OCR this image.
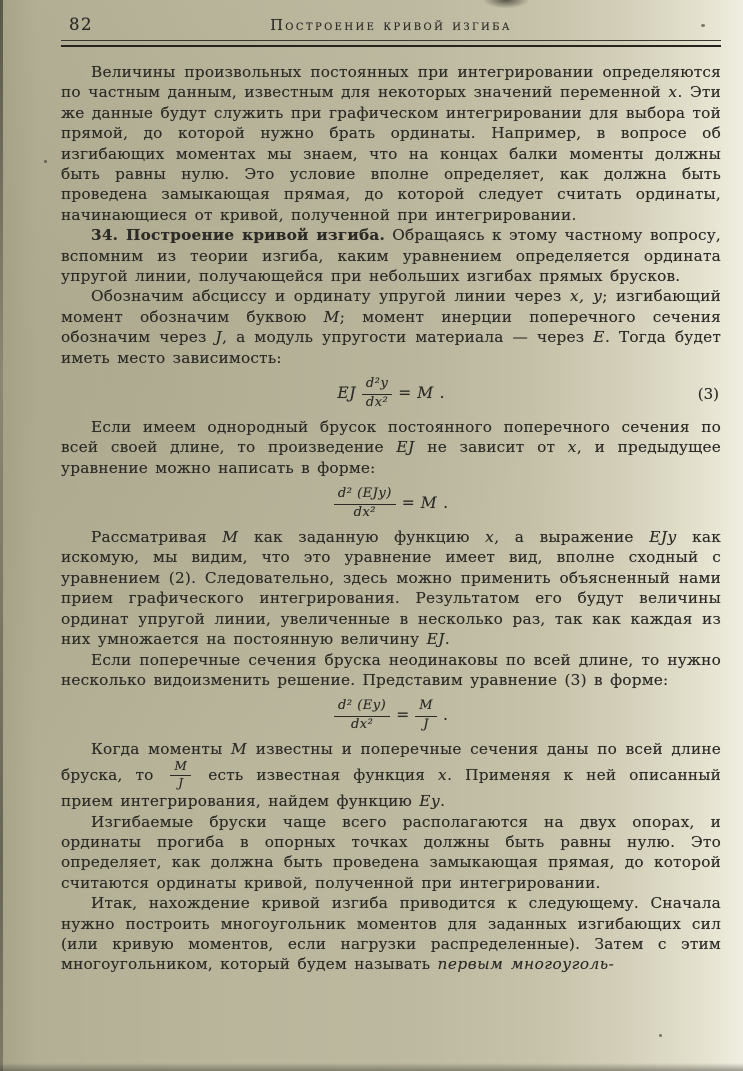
82	Построение кривой изгиба

Величины произвольных постоянных при интегрировании определяются по частным данным, известным для некоторых значений переменной x. Эти же данные будут служить при графическом интегрировании для выбора той прямой, до которой нужно брать ординаты. Например, в вопросе об изгибающих моментах мы знаем, что на концах балки моменты должны быть равны нулю. Это условие вполне определяет, как должна быть проведена замыкающая прямая, до которой следует считать ординаты, начинающиеся от кривой, полученной при интегрировании.

34. Построение кривой изгиба. Обращаясь к этому частному вопросу, вспомним из теории изгиба, каким уравнением определяется ордината упругой линии, получающейся при небольших изгибах прямых брусков.

Обозначим абсциссу и ординату упругой линии через x, y; изгибающий момент обозначим буквою M; момент инерции поперечного сечения обозначим через J, а модуль упругости материала — через E. Тогда будет иметь место зависимость:

EJ $\frac{\text{d²y}}{\text{dx²}} = M$ .	(3)

Если имеем однородный брусок постоянного поперечного сечения по всей своей длине, то произведение EJ не зависит от x, и предыдущее уравнение можно написать в форме:

$\frac{\text{d² (EJy)}}{\text{dx²}} = M$ .

Рассматривая M как заданную функцию x, а выражение EJy как искомую, мы видим, что это уравнение имеет вид, вполне сходный с уравнением (2). Следовательно, здесь можно применить объясненный нами прием графического интегрирования. Результатом его будут величины ординат упругой линии, увеличенные в несколько раз, так как каждая из них умножается на постоянную величину EJ.

Если поперечные сечения бруска неодинаковы по всей длине, то нужно несколько видоизменить решение. Представим уравнение (3) в форме:

$\frac{\text{d² (Ey)}}{\text{dx²}} = \frac{M}{J}$ .

Когда моменты M известны и поперечные сечения даны по всей длине бруска, то $\frac{M}{J}$ есть известная функция x. Применяя к ней описанный прием интегрирования, найдем функцию Ey.

Изгибаемые бруски чаще всего располагаются на двух опорах, и ординаты прогиба в опорных точках должны быть равны нулю. Это определяет, как должна быть проведена замыкающая прямая, до которой считаются ординаты кривой, полученной при интегрировании.

Итак, нахождение кривой изгиба приводится к следующему. Сначала нужно построить многоугольник моментов для заданных изгибающих сил (или кривую моментов, если нагрузки распределенные). Затем с этим многоугольником, который будем называть первым многоуголь-
